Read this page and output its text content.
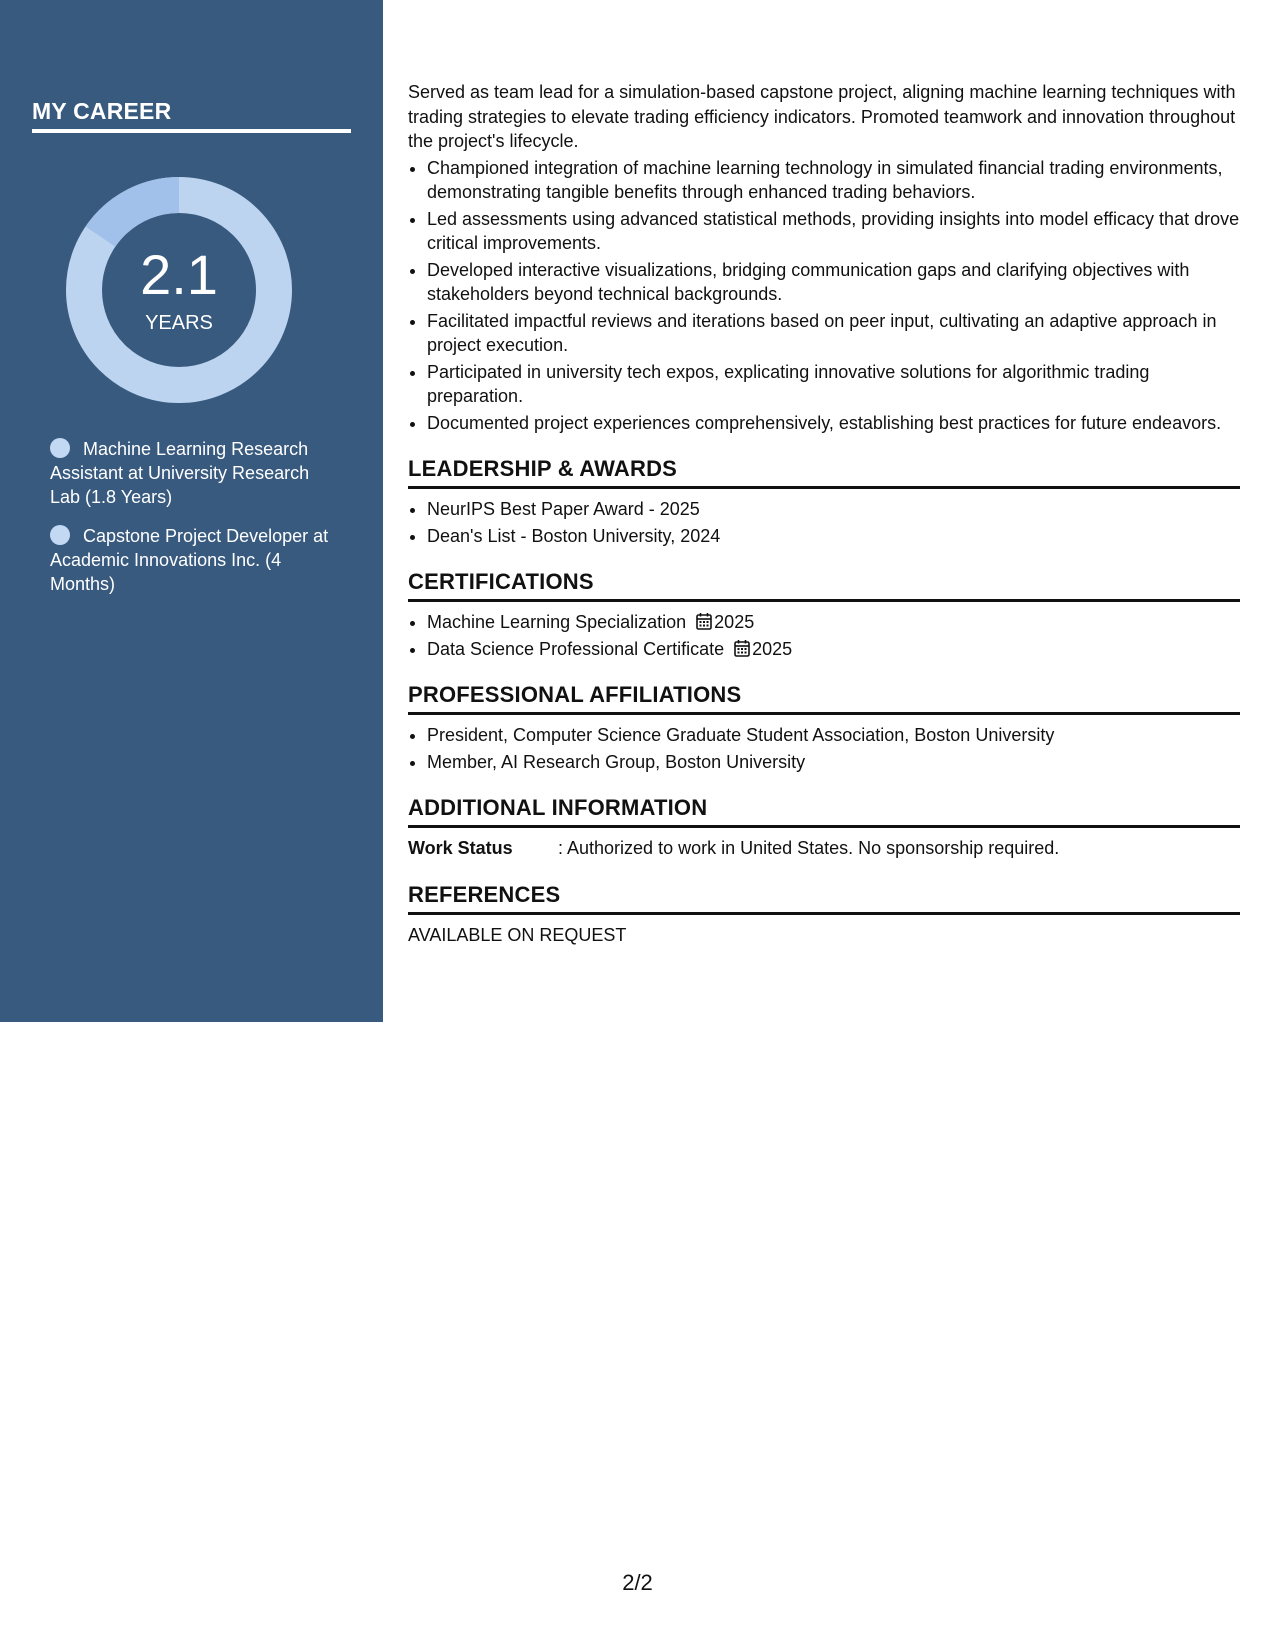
MY CAREER
2.1
YEARS
Machine Learning Research Assistant at University Research Lab (1.8 Years)
Capstone Project Developer at Academic Innovations Inc. (4 Months)

Served as team lead for a simulation-based capstone project, aligning machine learning techniques with trading strategies to elevate trading efficiency indicators. Promoted teamwork and innovation throughout the project's lifecycle.

• Championed integration of machine learning technology in simulated financial trading environments, demonstrating tangible benefits through enhanced trading behaviors.
• Led assessments using advanced statistical methods, providing insights into model efficacy that drove critical improvements.
• Developed interactive visualizations, bridging communication gaps and clarifying objectives with stakeholders beyond technical backgrounds.
• Facilitated impactful reviews and iterations based on peer input, cultivating an adaptive approach in project execution.
• Participated in university tech expos, explicating innovative solutions for algorithmic trading preparation.
• Documented project experiences comprehensively, establishing best practices for future endeavors.
LEADERSHIP & AWARDS
• NeurIPS Best Paper Award - 2025
• Dean's List - Boston University, 2024
CERTIFICATIONS
• Machine Learning Specialization 2025
• Data Science Professional Certificate 2025
PROFESSIONAL AFFILIATIONS
• President, Computer Science Graduate Student Association, Boston University
• Member, AI Research Group, Boston University
ADDITIONAL INFORMATION
Work Status	: Authorized to work in United States. No sponsorship required.
REFERENCES
AVAILABLE ON REQUEST
2/2
